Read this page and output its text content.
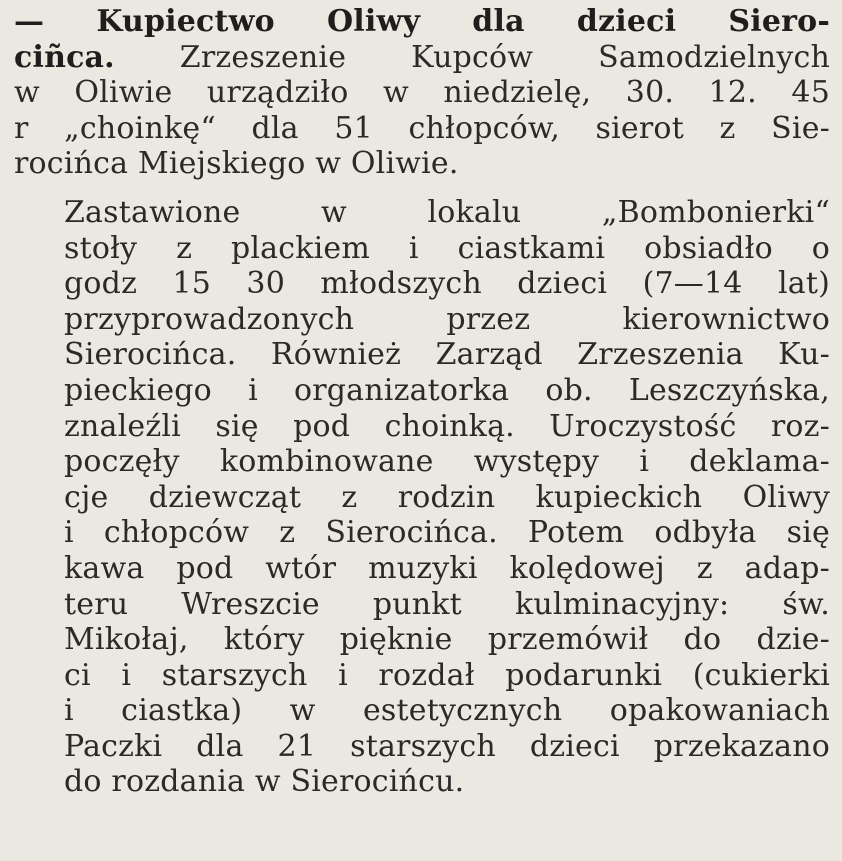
— Kupiectwo Oliwy dla dzieci Siero-
ciñca. Zrzeszenie Kupców Samodzielnych
w Oliwie urządziło w niedzielę, 30. 12. 45
r „choinkę“ dla 51 chłopców, sierot z Sie-
rocińca Miejskiego w Oliwie.

Zastawione w lokalu „Bombonierki“
stoły z plackiem i ciastkami obsiadło o
godz 15 30 młodszych dzieci (7—14 lat)
przyprowadzonych przez kierownictwo
Sierocińca. Również Zarząd Zrzeszenia Ku-
pieckiego i organizatorka ob. Leszczyńska,
znaleźli się pod choinką. Uroczystość roz-
poczęły kombinowane występy i deklama-
cje dziewcząt z rodzin kupieckich Oliwy
i chłopców z Sierocińca. Potem odbyła się
kawa pod wtór muzyki kolędowej z adap-
teru Wreszcie punkt kulminacyjny: św.
Mikołaj, który pięknie przemówił do dzie-
ci i starszych i rozdał podarunki (cukierki
i ciastka) w estetycznych opakowaniach
Paczki dla 21 starszych dzieci przekazano
do rozdania w Sierocińcu.
